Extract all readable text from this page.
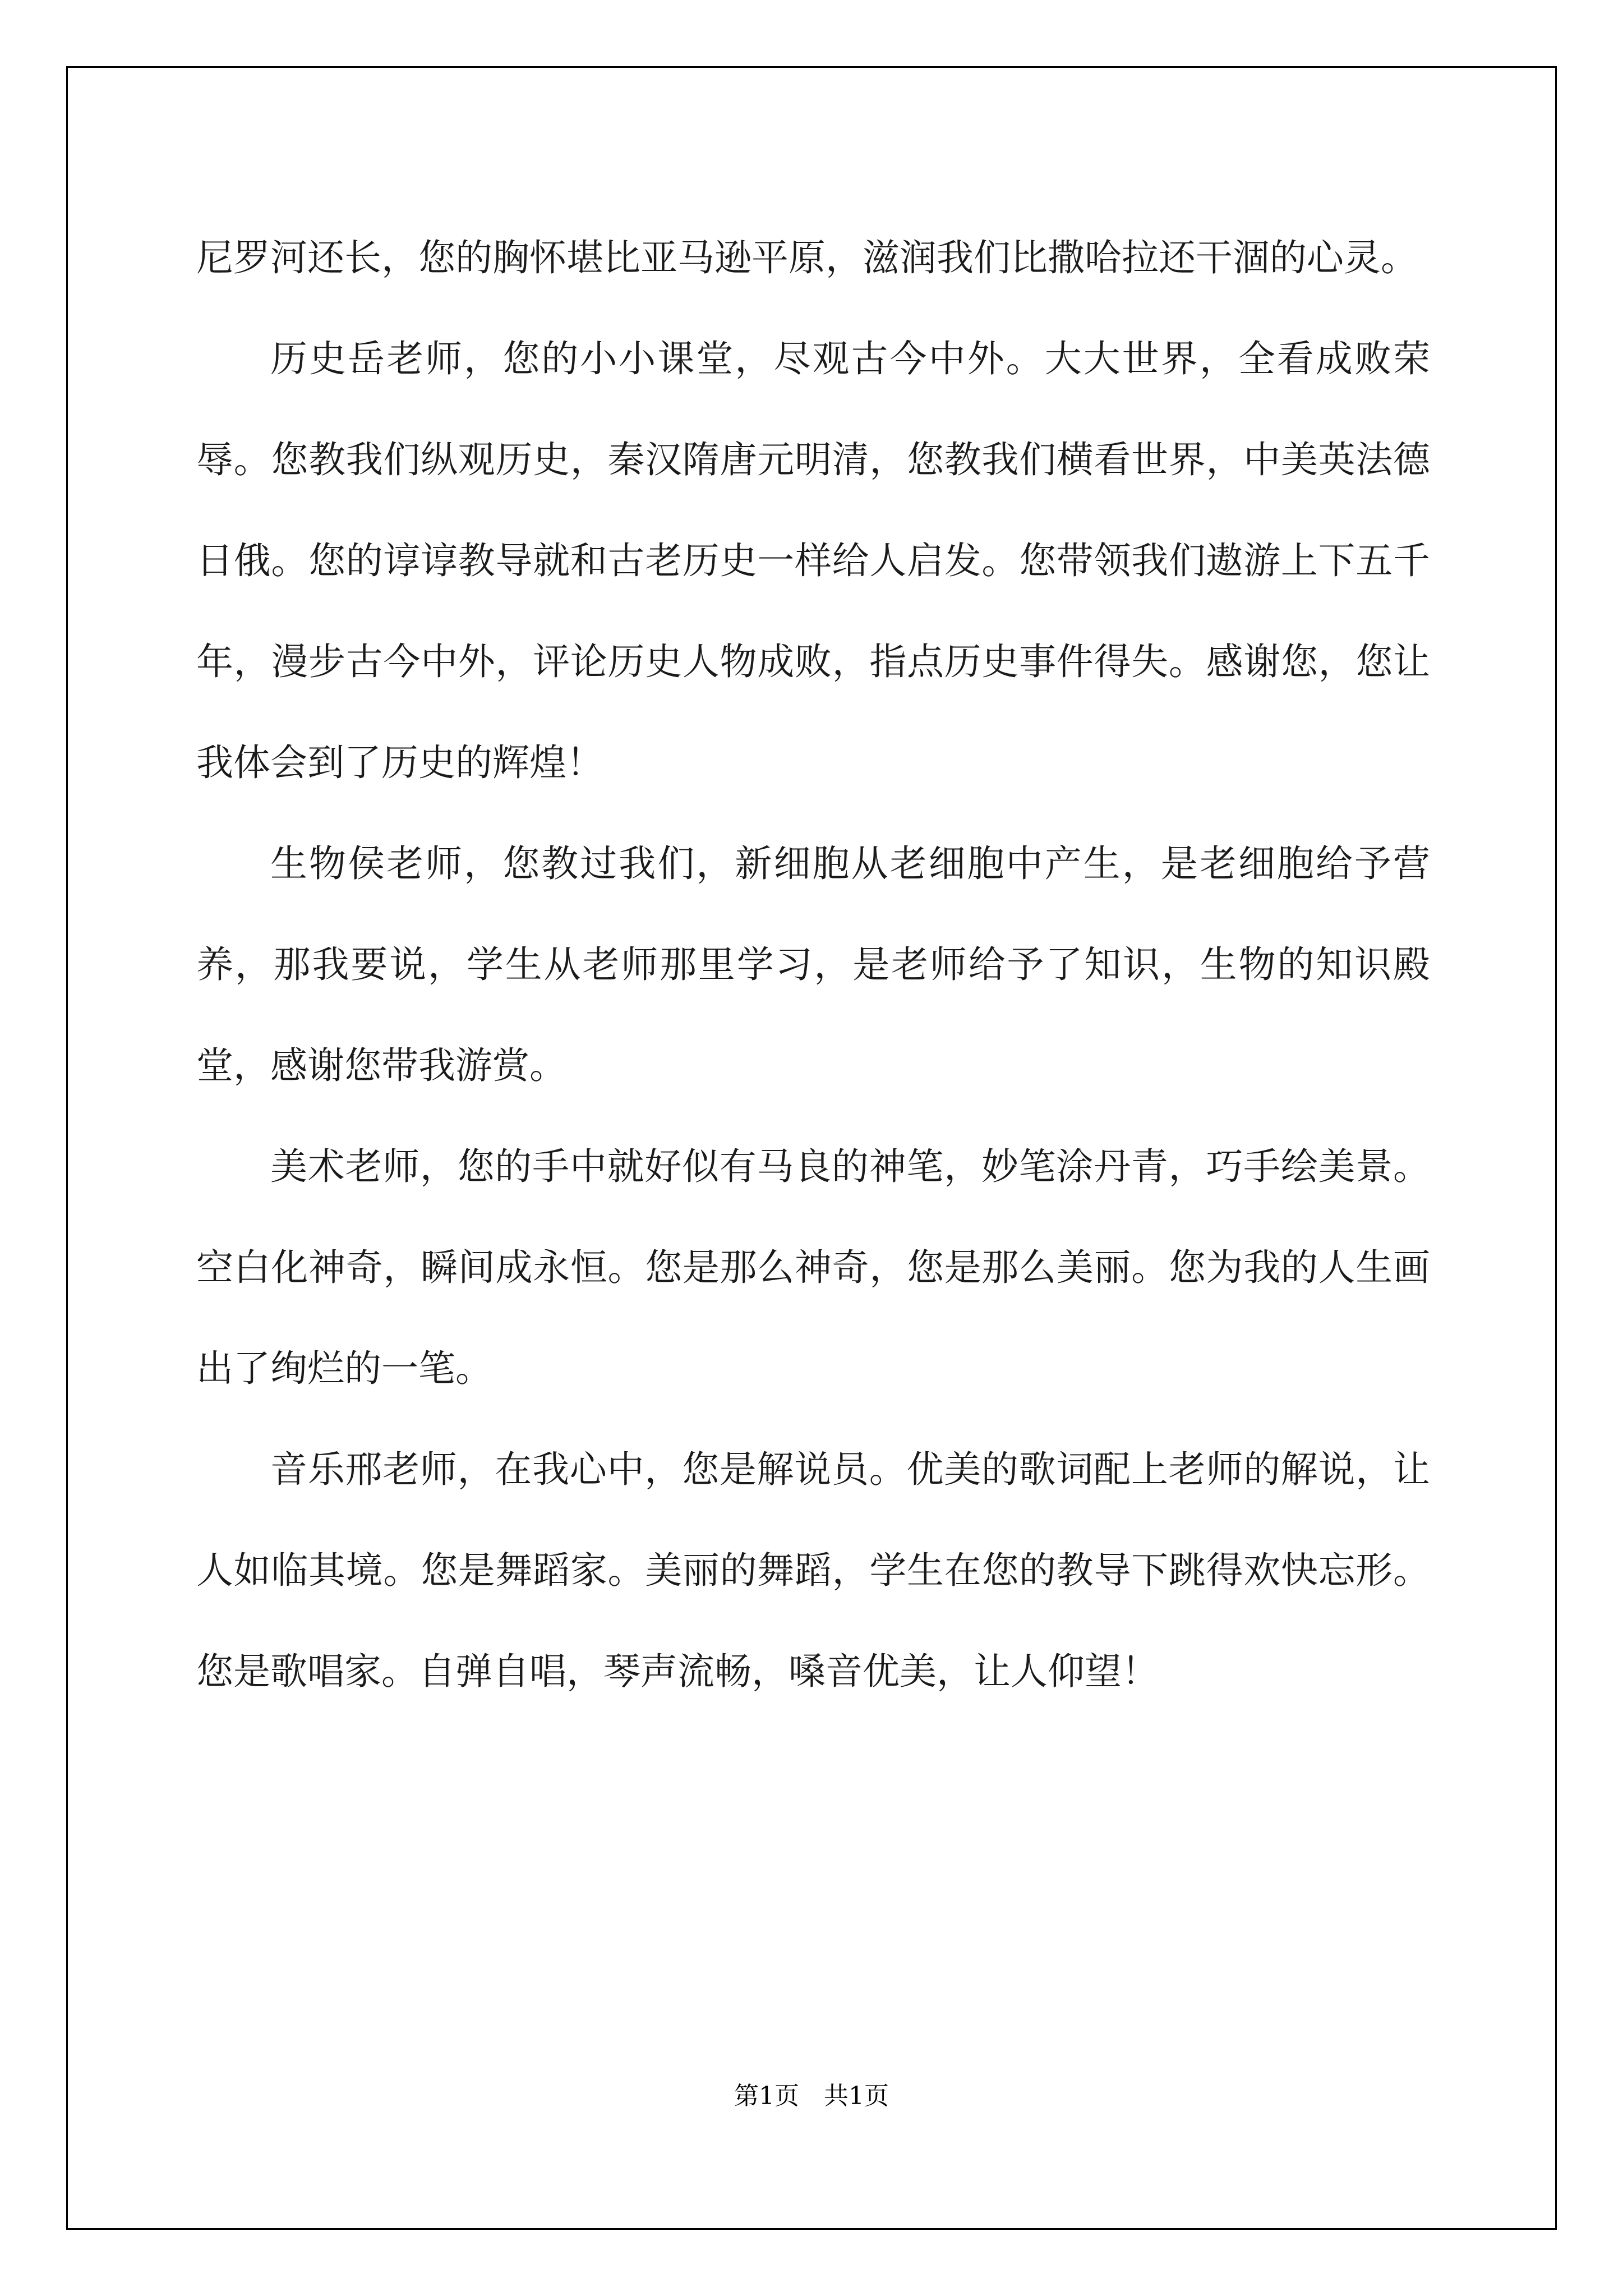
尼罗河还长，您的胸怀堪比亚马逊平原，滋润我们比撒哈拉还干涸的心灵。

历史岳老师，您的小小课堂，尽观古今中外。大大世界，全看成败荣辱。您教我们纵观历史，秦汉隋唐元明清，您教我们横看世界，中美英法德日俄。您的谆谆教导就和古老历史一样给人启发。您带领我们遨游上下五千年，漫步古今中外，评论历史人物成败，指点历史事件得失。感谢您，您让我体会到了历史的辉煌！

生物侯老师，您教过我们，新细胞从老细胞中产生，是老细胞给予营养，那我要说，学生从老师那里学习，是老师给予了知识，生物的知识殿堂，感谢您带我游赏。

美术老师，您的手中就好似有马良的神笔，妙笔涂丹青，巧手绘美景。空白化神奇，瞬间成永恒。您是那么神奇，您是那么美丽。您为我的人生画出了绚烂的一笔。

音乐邢老师，在我心中，您是解说员。优美的歌词配上老师的解说，让人如临其境。您是舞蹈家。美丽的舞蹈，学生在您的教导下跳得欢快忘形。您是歌唱家。自弹自唱，琴声流畅，嗓音优美，让人仰望！

第1页　共1页
